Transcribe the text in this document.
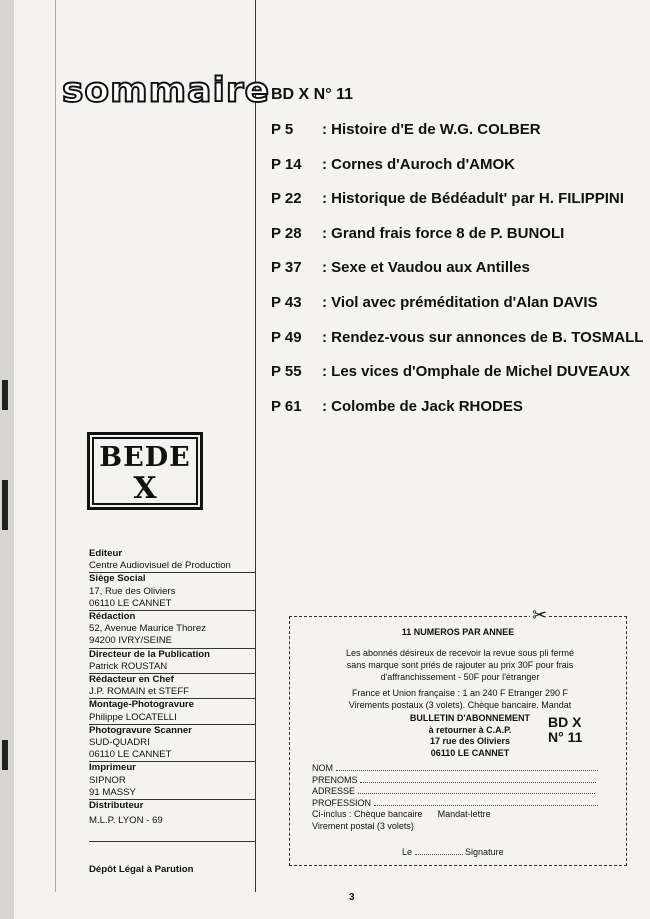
sommaire BD X N° 11
P 5 : Histoire d'E de W.G. COLBER
P 14 : Cornes d'Auroch d'AMOK
P 22 : Historique de Bédéadult' par H. FILIPPINI
P 28 : Grand frais force 8 de P. BUNOLI
P 37 : Sexe et Vaudou aux Antilles
P 43 : Viol avec préméditation d'Alan DAVIS
P 49 : Rendez-vous sur annonces de B. TOSMALL
P 55 : Les vices d'Omphale de Michel DUVEAUX
P 61 : Colombe de Jack RHODES
BEDE
X
Editeur
Centre Audiovisuel de Production
Siège Social
17, Rue des Oliviers
06110 LE CANNET
Rédaction
52, Avenue Maurice Thorez
94200 IVRY/SEINE
Directeur de la Publication
Patrick ROUSTAN
Rédacteur en Chef
J.P. ROMAIN et STEFF
Montage-Photogravure
Philippe LOCATELLI
Photogravure Scanner
SUD-QUADRI
06110 LE CANNET
Imprimeur
SIPNOR
91 MASSY
Distributeur
M.L.P. LYON - 69
Dépôt Légal à Parution
✂
11 NUMEROS PAR ANNEE
Les abonnés désireux de recevoir la revue sous pli fermé
sans marque sont priés de rajouter au prix 30F pour frais
d'affranchissement - 50F pour l'étranger
France et Union française : 1 an 240 F Etranger 290 F
Virements postaux (3 volets). Chèque bancaire. Mandat
BULLETIN D'ABONNEMENT
à retourner à C.A.P.
17 rue des Oliviers
06110 LE CANNET
BD X
N° 11
NOM
PRENOMS
ADRESSE
PROFESSION
Ci-inclus : Chèque bancaire Mandat-lettre
Virement postal (3 volets)
Le	Signature
3
